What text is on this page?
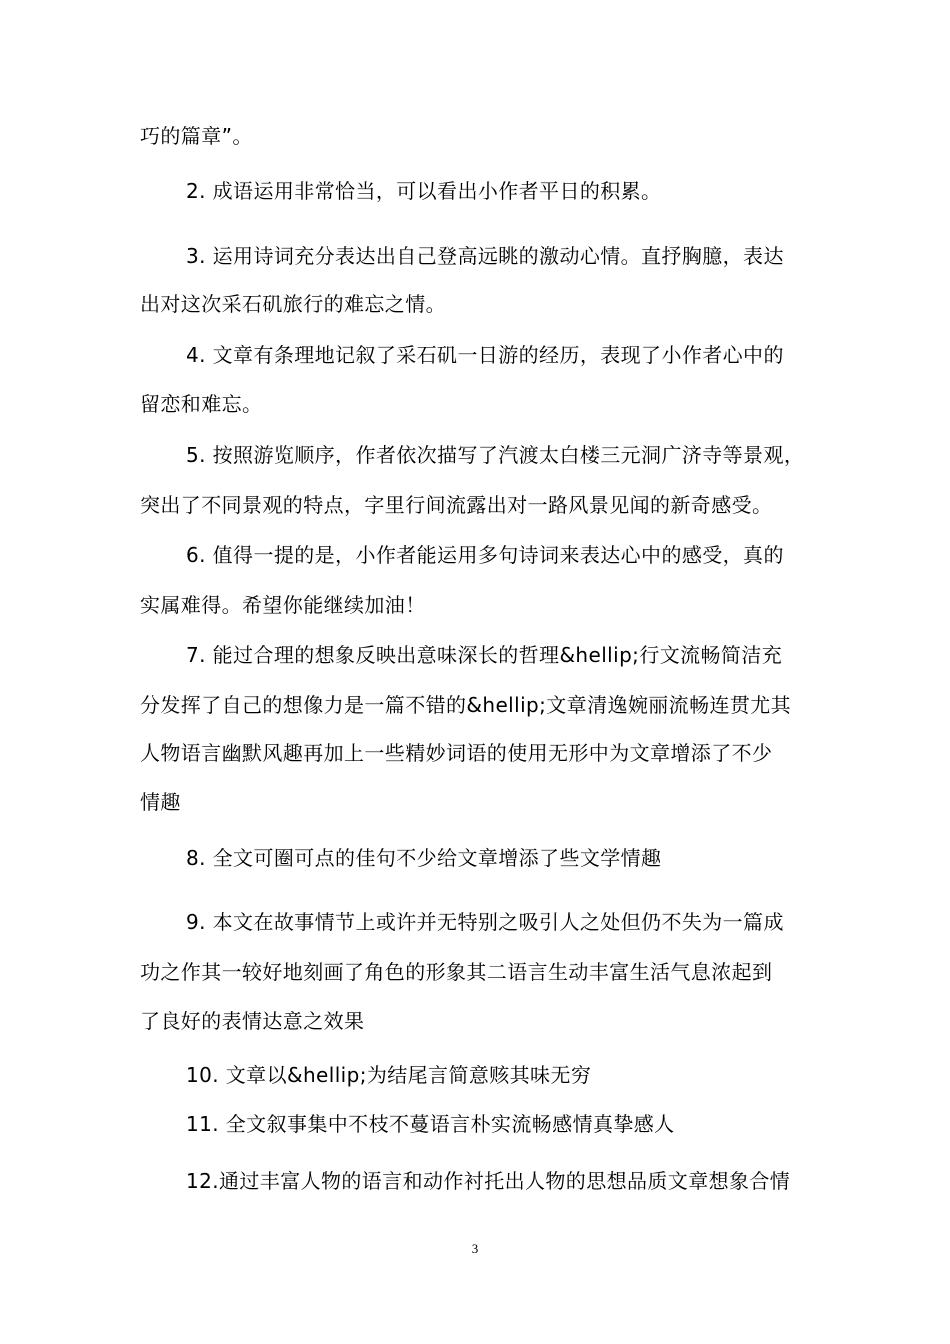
巧的篇章”。
2. 成语运用非常恰当，可以看出小作者平日的积累。
3. 运用诗词充分表达出自己登高远眺的激动心情。直抒胸臆，表达
出对这次采石矶旅行的难忘之情。
4. 文章有条理地记叙了采石矶一日游的经历，表现了小作者心中的
留恋和难忘。
5. 按照游览顺序，作者依次描写了汽渡太白楼三元洞广济寺等景观，
突出了不同景观的特点，字里行间流露出对一路风景见闻的新奇感受。
6. 值得一提的是，小作者能运用多句诗词来表达心中的感受，真的
实属难得。希望你能继续加油！
7. 能过合理的想象反映出意味深长的哲理&hellip;行文流畅简洁充
分发挥了自己的想像力是一篇不错的&hellip;文章清逸婉丽流畅连贯尤其
人物语言幽默风趣再加上一些精妙词语的使用无形中为文章增添了不少
情趣
8. 全文可圈可点的佳句不少给文章增添了些文学情趣
9. 本文在故事情节上或许并无特别之吸引人之处但仍不失为一篇成
功之作其一较好地刻画了角色的形象其二语言生动丰富生活气息浓起到
了良好的表情达意之效果
10. 文章以&hellip;为结尾言简意赅其味无穷
11. 全文叙事集中不枝不蔓语言朴实流畅感情真挚感人
12.通过丰富人物的语言和动作衬托出人物的思想品质文章想象合情
3
